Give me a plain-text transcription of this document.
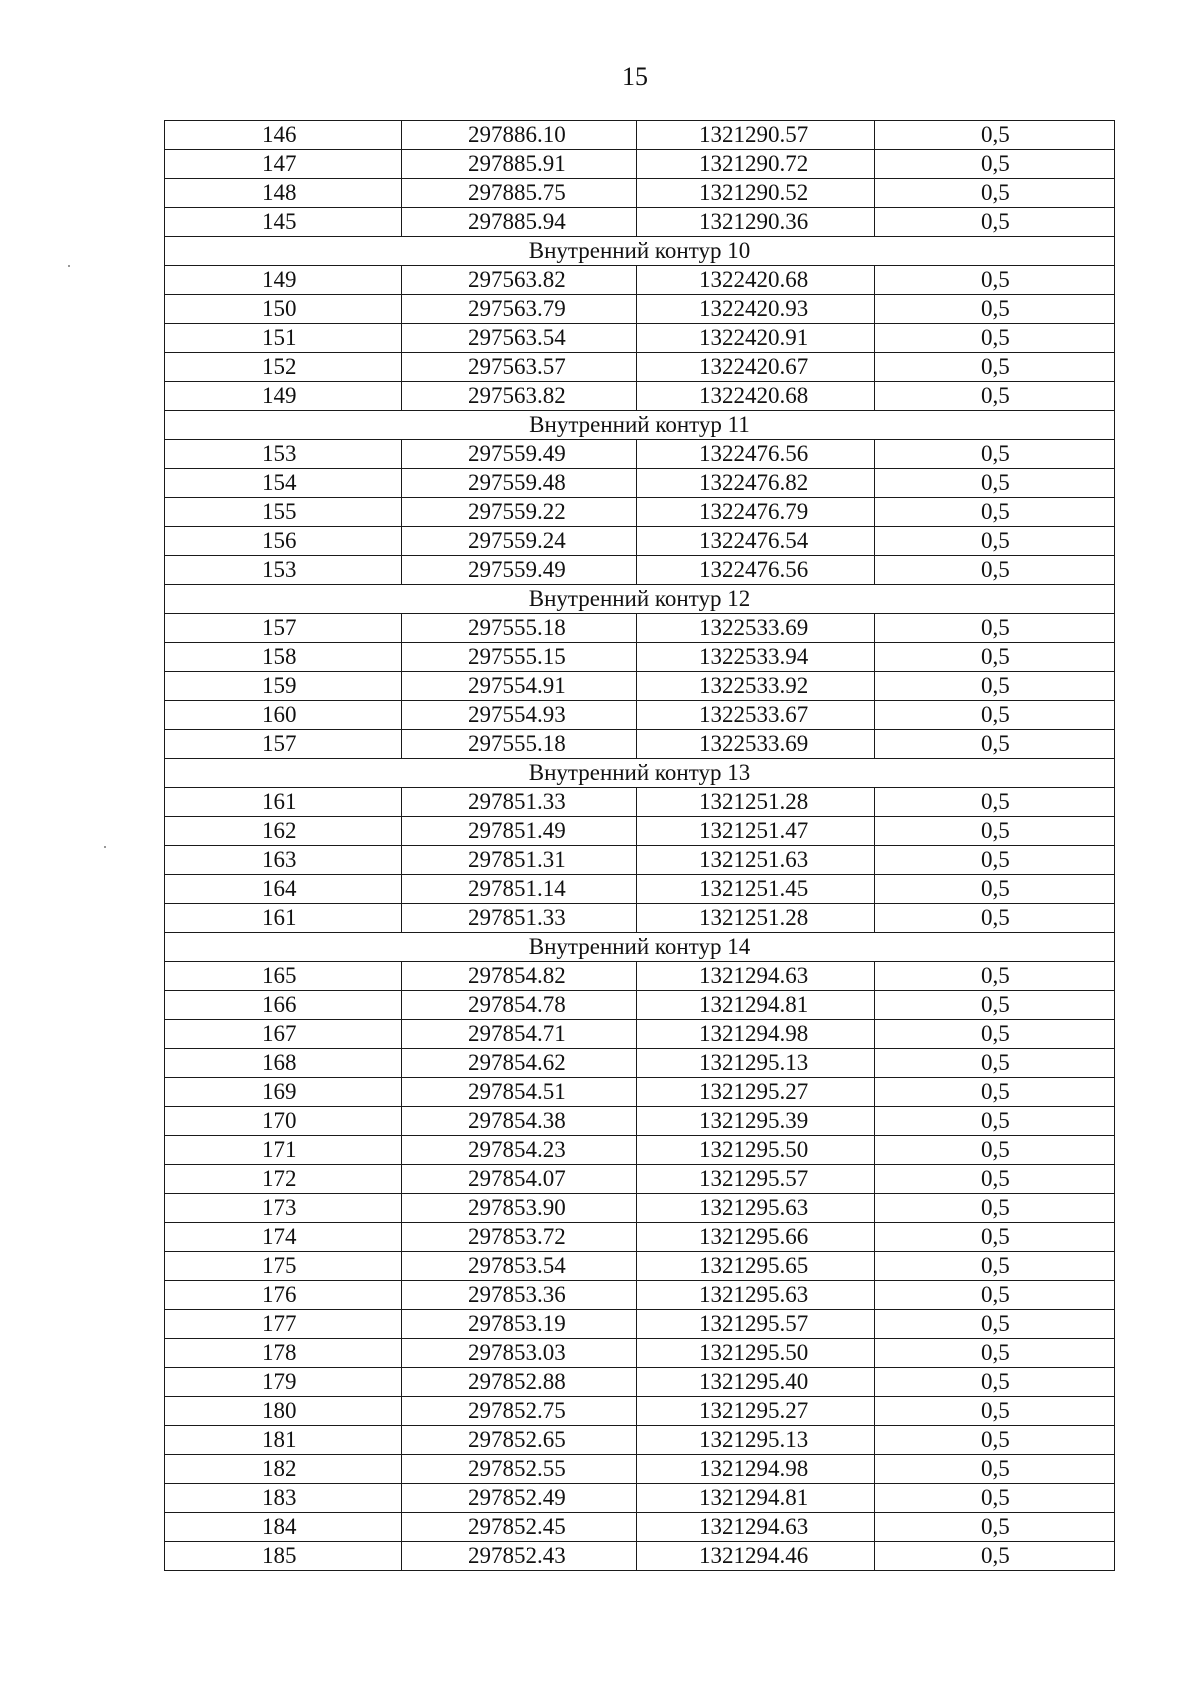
15
146	297886.10	1321290.57	0,5
147	297885.91	1321290.72	0,5
148	297885.75	1321290.52	0,5
145	297885.94	1321290.36	0,5
Внутренний контур 10			
149	297563.82	1322420.68	0,5
150	297563.79	1322420.93	0,5
151	297563.54	1322420.91	0,5
152	297563.57	1322420.67	0,5
149	297563.82	1322420.68	0,5
Внутренний контур 11			
153	297559.49	1322476.56	0,5
154	297559.48	1322476.82	0,5
155	297559.22	1322476.79	0,5
156	297559.24	1322476.54	0,5
153	297559.49	1322476.56	0,5
Внутренний контур 12			
157	297555.18	1322533.69	0,5
158	297555.15	1322533.94	0,5
159	297554.91	1322533.92	0,5
160	297554.93	1322533.67	0,5
157	297555.18	1322533.69	0,5
Внутренний контур 13			
161	297851.33	1321251.28	0,5
162	297851.49	1321251.47	0,5
163	297851.31	1321251.63	0,5
164	297851.14	1321251.45	0,5
161	297851.33	1321251.28	0,5
Внутренний контур 14			
165	297854.82	1321294.63	0,5
166	297854.78	1321294.81	0,5
167	297854.71	1321294.98	0,5
168	297854.62	1321295.13	0,5
169	297854.51	1321295.27	0,5
170	297854.38	1321295.39	0,5
171	297854.23	1321295.50	0,5
172	297854.07	1321295.57	0,5
173	297853.90	1321295.63	0,5
174	297853.72	1321295.66	0,5
175	297853.54	1321295.65	0,5
176	297853.36	1321295.63	0,5
177	297853.19	1321295.57	0,5
178	297853.03	1321295.50	0,5
179	297852.88	1321295.40	0,5
180	297852.75	1321295.27	0,5
181	297852.65	1321295.13	0,5
182	297852.55	1321294.98	0,5
183	297852.49	1321294.81	0,5
184	297852.45	1321294.63	0,5
185	297852.43	1321294.46	0,5
